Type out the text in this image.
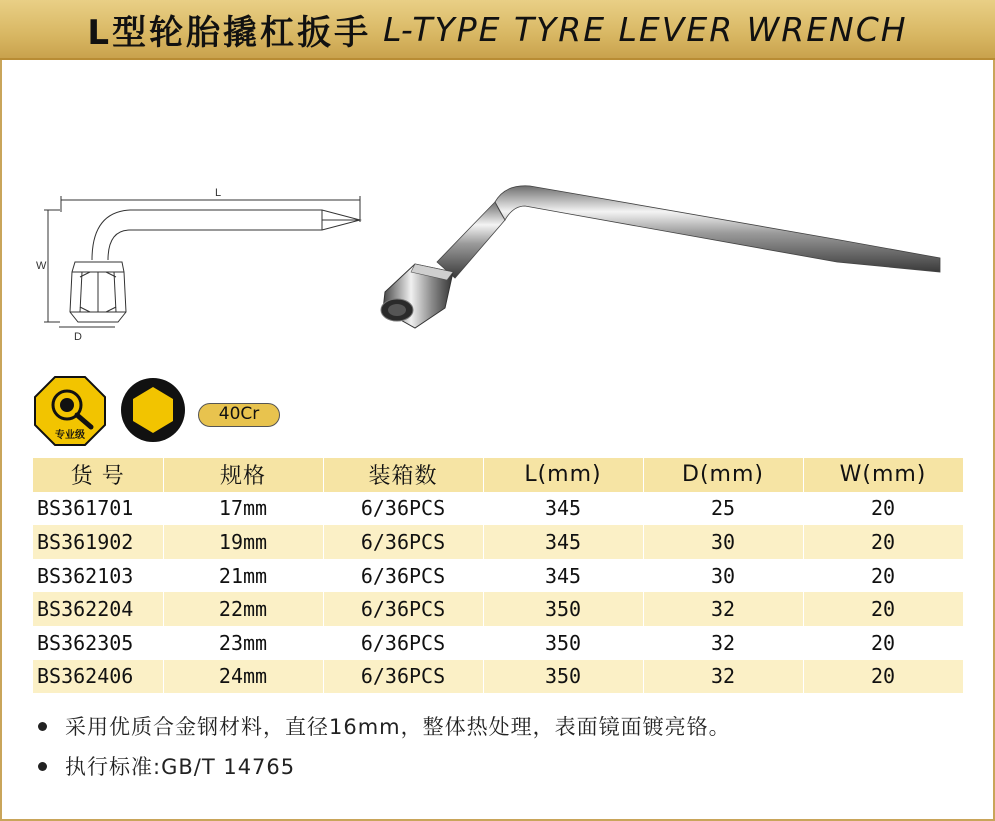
L型轮胎撬杠扳手 L-TYPE TYRE LEVER WRENCH
L
W
D
专业级
40Cr
货 号	规格	装箱数	L(mm)	D(mm)	W(mm)
BS361701	17mm	6/36PCS	345	25	20
BS361902	19mm	6/36PCS	345	30	20
BS362103	21mm	6/36PCS	345	30	20
BS362204	22mm	6/36PCS	350	32	20
BS362305	23mm	6/36PCS	350	32	20
BS362406	24mm	6/36PCS	350	32	20
采用优质合金钢材料，直径16mm，整体热处理，表面镜面镀亮铬。
执行标准:GB/T 14765
